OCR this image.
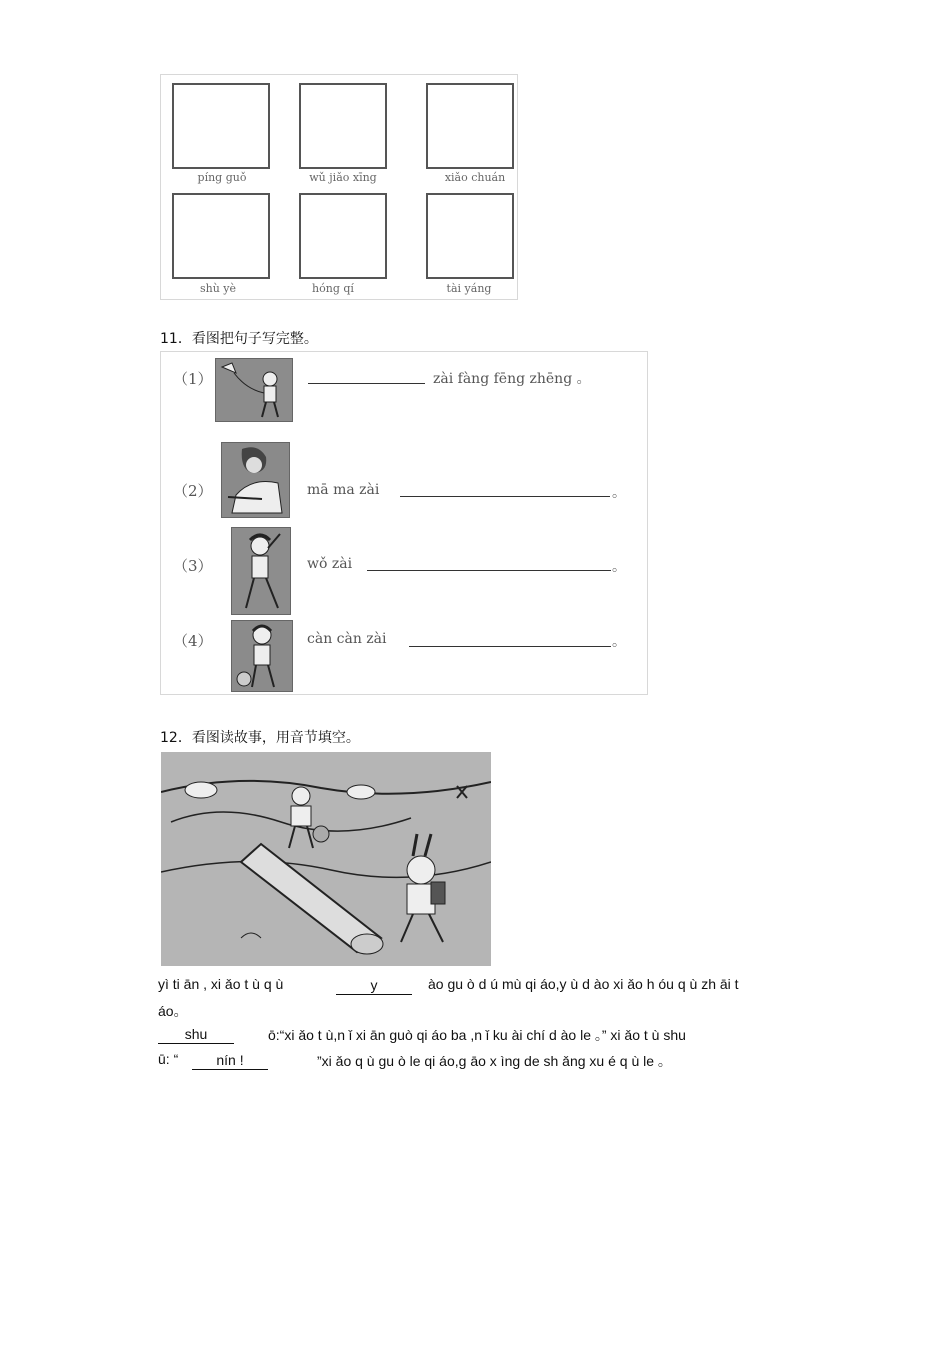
píng guǒ	wǔ jiǎo xīng	xiǎo chuán
shù yè	hóng qí	tài yáng
11．看图把句子写完整。
（1）	zài fàng fēng zhēng 。
（2）	mā ma zài	。
（3）	wǒ zài	。
（4）	càn càn zài	。
12．看图读故事，用音节填空。
yì ti ān , xi ǎo t ù q ù	y	ào gu ò d ú mù qi áo,y ù d ào xi ǎo h óu q ù zh āi t
áo。
shu	ō:“xi ǎo t ù,n ǐ xi ān guò qi áo ba ,n ǐ ku ài chí d ào le 。” xi ǎo t ù shu
ū: “	nín !	”xi ǎo q ù gu ò le qi áo,g āo x ìng de sh ǎng xu é q ù le 。
